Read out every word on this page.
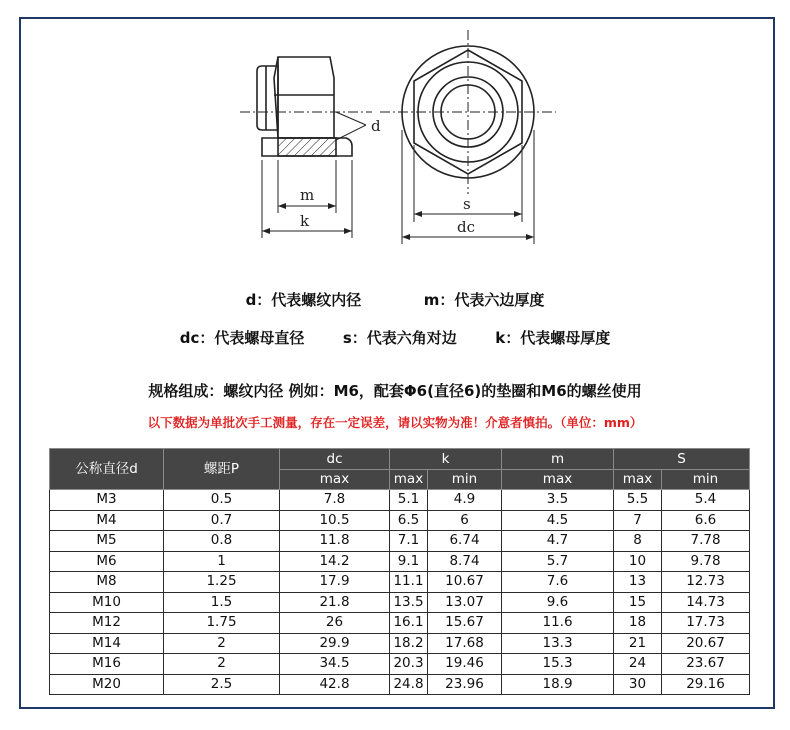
d
m
k
s
dc
d：代表螺纹内径	m：代表六边厚度
dc：代表螺母直径	s：代表六角对边	k：代表螺母厚度
规格组成：螺纹内径 例如：M6，配套Φ6(直径6)的垫圈和M6的螺丝使用
以下数据为单批次手工测量，存在一定误差，请以实物为准！介意者慎拍。（单位：mm）
公称直径d	螺距P	dc	k		m	S	
		max	max	min	max	max	min
M3	0.5	7.8	5.1	4.9	3.5	5.5	5.4
M4	0.7	10.5	6.5	6	4.5	7	6.6
M5	0.8	11.8	7.1	6.74	4.7	8	7.78
M6	1	14.2	9.1	8.74	5.7	10	9.78
M8	1.25	17.9	11.1	10.67	7.6	13	12.73
M10	1.5	21.8	13.5	13.07	9.6	15	14.73
M12	1.75	26	16.1	15.67	11.6	18	17.73
M14	2	29.9	18.2	17.68	13.3	21	20.67
M16	2	34.5	20.3	19.46	15.3	24	23.67
M20	2.5	42.8	24.8	23.96	18.9	30	29.16
